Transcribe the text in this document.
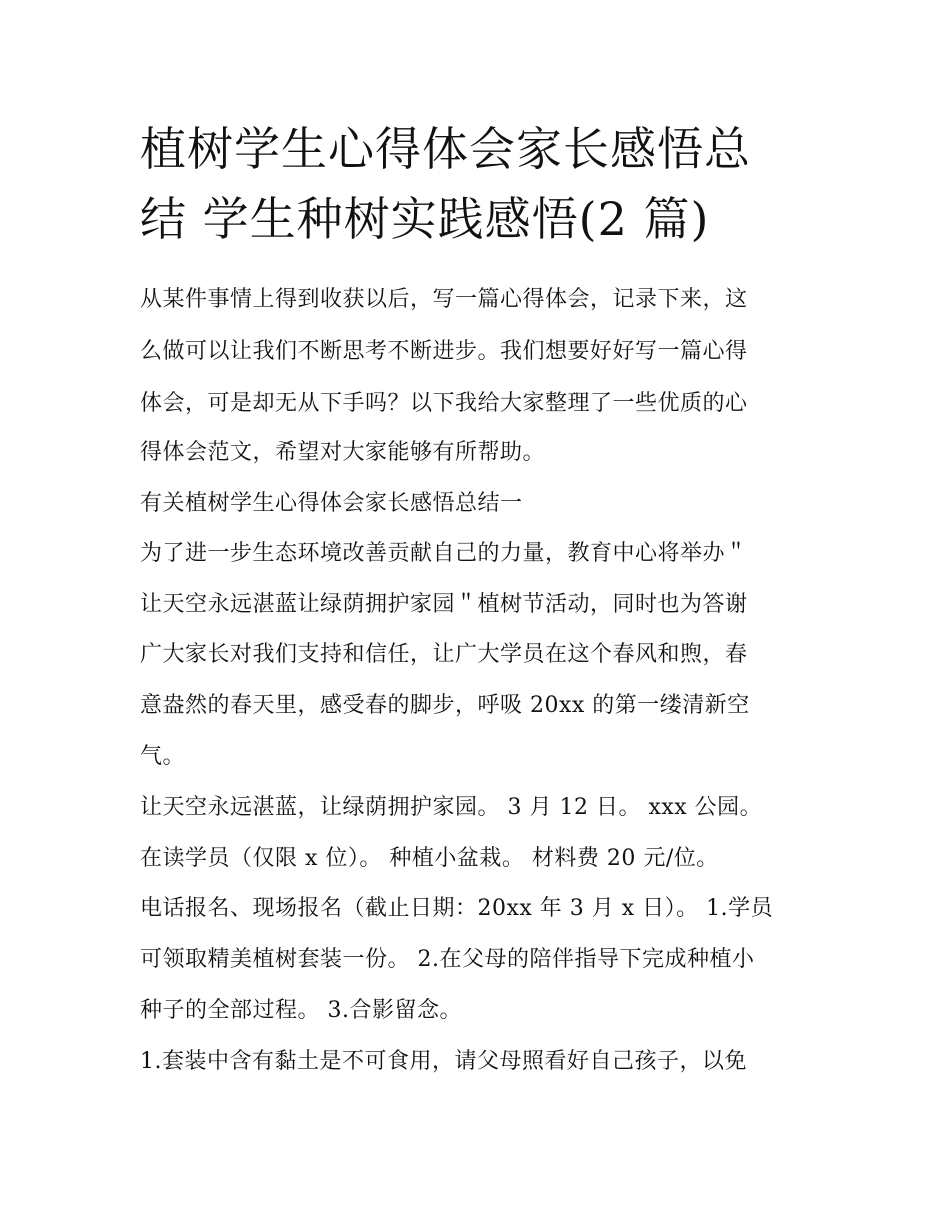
植树学生心得体会家长感悟总
结 学生种树实践感悟(2 篇)

从某件事情上得到收获以后，写一篇心得体会，记录下来，这

么做可以让我们不断思考不断进步。我们想要好好写一篇心得

体会，可是却无从下手吗？以下我给大家整理了一些优质的心

得体会范文，希望对大家能够有所帮助。

有关植树学生心得体会家长感悟总结一

为了进一步生态环境改善贡献自己的力量，教育中心将举办＂

让天空永远湛蓝让绿荫拥护家园＂植树节活动，同时也为答谢

广大家长对我们支持和信任，让广大学员在这个春风和煦，春

意盎然的春天里，感受春的脚步，呼吸 20xx 的第一缕清新空

气。

让天空永远湛蓝，让绿荫拥护家园。 3 月 12 日。 xxx 公园。

在读学员（仅限 x 位）。 种植小盆栽。 材料费 20 元/位。

电话报名、现场报名（截止日期：20xx 年 3 月 x 日）。 1.学员

可领取精美植树套装一份。 2.在父母的陪伴指导下完成种植小

种子的全部过程。 3.合影留念。

1.套装中含有黏土是不可食用，请父母照看好自己孩子，以免
